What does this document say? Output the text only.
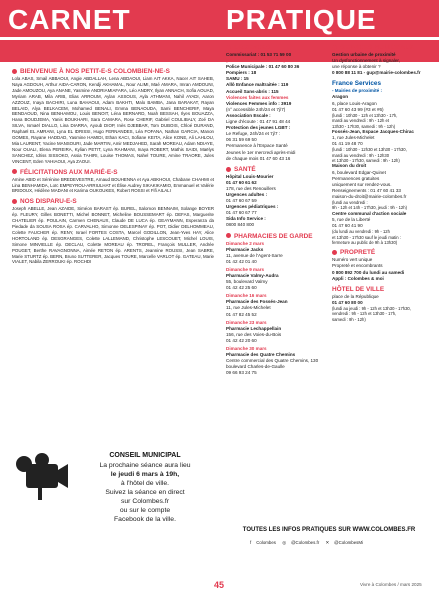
CARNET	PRATIQUE
BIENVENUE À NOS PETIT-E-S COLOMBIEN-NE-S
Lola ABAS, Smail ABBAOUI, Angie ABDALLAH, Lena ABDAOUI, Liam AIT AKKA, Nacer AIT SAHEB, Naya AGDOUH, Arthur AIDA-CARON, Kendji AKHAMAL, Nour ALIMI, Maé AMARA, Imran AMDOUNI, Jade AMOUZOU, Aya ANANE, Yasmine ANDRIAMIAFARA, Léo ANDRY, Ilyan ANNACH, Sofia AOUAD, Myriam ARAB, Mila ARIB, Elias ARROUM, Aylan ASSOUS, Ayla ATHMANI, Nahil AYADI, Aaron AZZOUZ, Inaya BACHIRI, Luna BAHAOUI, Adam BAKHTI, Malo BAMBA, Jana BARAKAT, Rayan BELAID, Alya BELKACEM, Mohamed BENALI, Emma BENAOUDA, Sami BENCHERIF, Maya BENDAOUD, Nina BENHAMOU, Louis BENOIT, Léna BERNARD, Noah BESSAH, Ilyes BOUAZZA, Hana BOUDJEMA, Yanis BOUKHARI, Sara CAMARA, Rose CHERIF, Gabriel COULIBALY, Zoé DA SILVA, Ismaël DIALLO, Lina DIARRA, Ayoub DIOP, Inès DJEBBAR, Tom DUBOIS, Chloé DURAND, Raphaël EL AMRANI, Lyna EL IDRISSI, Hugo FERNANDES, Léa FOFANA, Nathan GARCIA, Manon GOMES, Rayane HADDAD, Yasmine HAMIDI, Ethan KACI, Sofiane KEITA, Alice KONE, Ali LAHLOU, Mia LAURENT, Yacine MANSOURI, Jade MARTIN, Amir MEDJAHED, Sarah MOREAU, Adam NDIAYE, Nour OUALI, Elena PEREIRA, Kylian PETIT, Lyna RAHMANI, Inaya ROBERT, Mathis SAIDI, Maëlys SANCHEZ, Idriss SISSOKO, Assia TAHIRI, Louise THOMAS, Nahel TOURE, Amine TRAORE, Jules VINCENT, Eden YAHIAOUI, Aya ZAOUI.
FÉLICITATIONS AUX MARIÉ-E-S
Amine ABID et Sérénine BREDEVESTRE, Arnaud BOUHENNA et Aya ABKHOUI, Chabane CHAHMI et Lina BENHAMIDA, Loïc EMPEYROU-ARRIULHAT et Élise Audrey SIKAKIKAMIO, Emmanuel et Valérie BRIDOUX, Hédène MADANI et Karima OUKOUKES, Robert ROSSI et Fifi AILALI
NOS DISPARU-E-S
Joseph ABELLE, Jean AZAIDE, Siméon BARAST ép. BUREL, Salomon BENNAIM, Solange BOYER ép. FLEURY, Gilles BONETTI, Michel BONNET, Micheline BOUSSEMART ép. DEFAS, Marguerite CHATELIER ép. POULAIN, Carmen CHENAUX, Claude DE LUCA ép. GEAYMANN, Esperanza da Piedade da SOUSA ROSA ép. CARVALHO, Simonne DELESPINAY ép. POT, Didier DELHOMMEAU, Colette FAUCHER ép. RENY, Israel FORTES COSTA, Marcel GODILLON, Jean-Yves HAY, Alice HORTOLAND ép. DESGRANGES, Colette LALLEMAND, Christophe LESCOUET, Michel LOUIS, Simone MINVIELLE ép. DECLAU, Colette MOREAU ép. TROREL, François MULLER, Andrée POUGET, Berthe RAVAGNONNA, Aimée RETON ép. ARENTS, Jeannine ROUSSI, Jean SABRE, Marie STURTZ ép. BERN, Bruno SUTTERER, Jacques TOURE, Marcelle VARLOT ép. GATEAU, Marie VIALET, Nabila ZERROUKI ép. ROCHDI
CONSEIL MUNICIPAL
La prochaine séance aura lieu
le jeudi 6 mars à 19h,
à l'hôtel de ville.
Suivez la séance en direct
sur Colombes.fr
ou sur le compte
Facebook de la ville.
URGENCES
Commissariat : 01 53 71 59 00
(attention : nouveau numéro)
Police Municipale : 01 47 60 80 36
Pompiers : 18
SAMU : 15
Allô Enfance maltraitée : 119
Accueil Sans-abris : 115
Violences faites aux femmes
Violences Femmes info : 3919
(n° accessible 24h/24 et 7j/7)
Association Escale :
Ligne d'écoute : 01 47 91 48 44
Protection des jeunes LGBT :
Le Refuge, 24h/24 et 7j/7 :
06 31 59 69 50
Permanence à l'Espace Santé
Jeunes le 1er mercredi après-midi
de chaque mois 01 47 60 43 16
SANTÉ
Hôpital Louis-Mourier
01 47 60 61 62
178, rue des Renouillers
Urgences adultes :
01 47 60 67 59
Urgences pédiatriques :
01 47 60 67 77
Sida Info Service :
0800 840 800
PHARMACIES DE GARDE
Dimanche 2 mars
Pharmacie Jacks
11, avenue de l'Agent-Sarre
01 42 42 01 40
Dimanche 9 mars
Pharmacie Valmy-Audra
55, boulevard Valmy
01 42 42 25 60
Dimanche 16 mars
Pharmacie des Fossés-Jean
11, rue Jules-Michelet
01 47 82 45 52
Dimanche 23 mars
Pharmacie Lechappellain
156, rue des Voies-du-Bois
01 42 42 20 60
Dimanche 30 mars
Pharmacie des Quatre Chemins
Centre commercial des Quatre Chemins, 130 boulevard Charles-de-Gaulle
09 66 93 24 75
SERVICES MUNICIPAUX
Gestion urbaine de proximité
Un dysfonctionnement à signaler,
une réponse à obtenir ?
0 800 88 11 81 - gup@mairie-colombes.fr
France Services
- Mairies de proximité :
Aragon
6, place Louis-Aragon
01 47 60 43 99 (#3 et #6)
(lundi : 10h30 - 12h et 13h30 - 17h,
mardi au vendredi : 9h - 12h et
13h30 - 17h30, samedi : 9h - 12h)
Fossés-Jean, Espace Jacques-Chirac
1, rue Jules-Michelet
01 41 19 48 70
(lundi : 10h30 - 12h30 et 13h30 - 17h30,
mardi au vendredi : 9h - 12h30
et 13h30 - 17h30, samedi : 9h - 12h)
Maison du droit
6, boulevard Edgar-Quinet
Permanences gratuites
uniquement sur rendez-vous.
Renseignements : 01 47 60 41 33
maison-du-droit@mairie-colombes.fr
(lundi au vendredi :
9h - 12h et 14h - 17h30, jeudi : 9h - 12h)
Centre communal d'action sociale
5, rue de la Liberté
01 47 60 41 90
(du lundi au vendredi : 9h - 12h
et 13h30 - 17h30 sauf le jeudi matin :
fermeture au public de 9h à 13h30)
PROPRETÉ
Numéro vert unique
Propreté et encombrants
0 800 892 700 du lundi au samedi
Appli : Colombes & moi
HÔTEL DE VILLE
place de la République
01 47 60 80 00
(lundi au jeudi : 9h - 12h et 13h30 - 17h30,
vendredi : 9h - 12h et 13h30 - 17h,
samedi : 9h - 12h)
TOUTES LES INFOS PRATIQUES SUR WWW.COLOMBES.FR
f Colombes ◎ @Colombes.fr ✕ @ColombesMi
45	Vivre à Colombes / mars 2025
